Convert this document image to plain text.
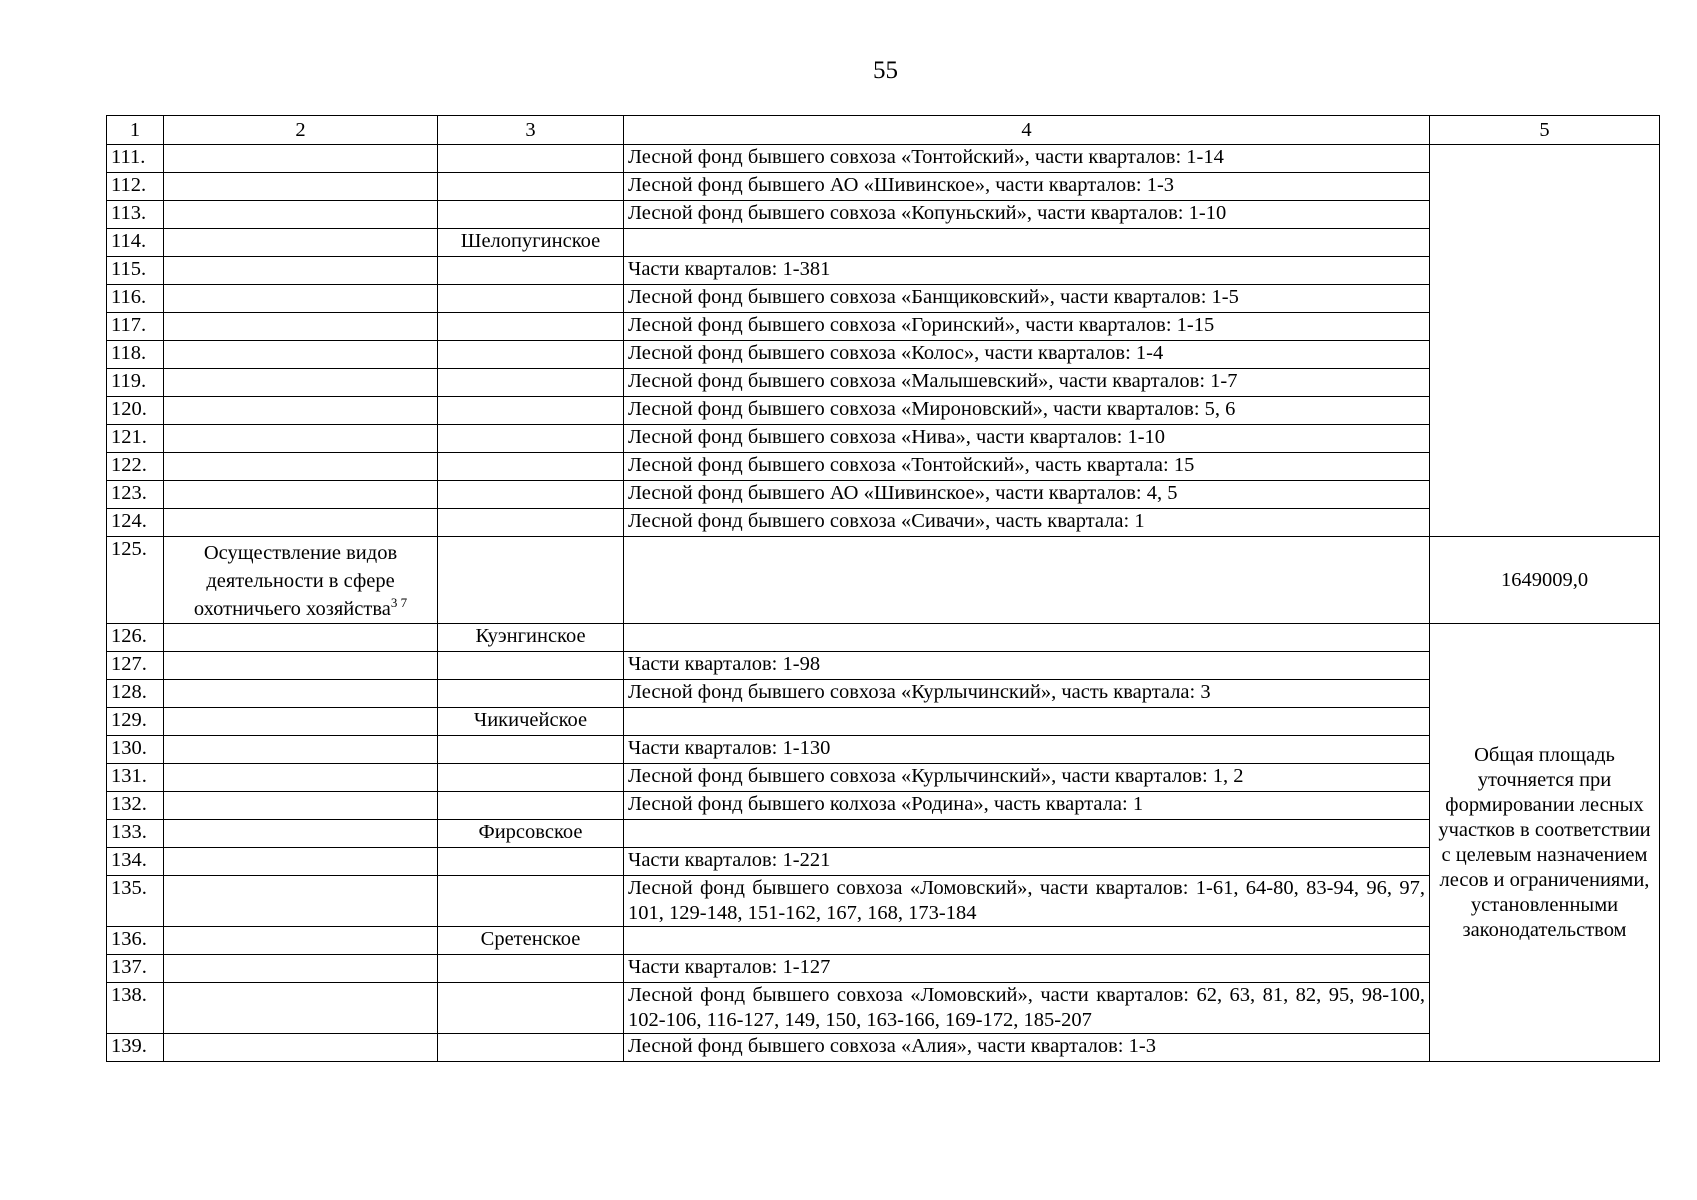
55
1	2	3	4	5
111.			Лесной фонд бывшего совхоза «Тонтойский», части кварталов: 1-14	
112.			Лесной фонд бывшего АО «Шивинское», части кварталов: 1-3	
113.			Лесной фонд бывшего совхоза «Копуньский», части кварталов: 1-10	
114.		Шелопугинское		
115.			Части кварталов: 1-381	
116.			Лесной фонд бывшего совхоза «Банщиковский», части кварталов: 1-5	
117.			Лесной фонд бывшего совхоза «Горинский», части кварталов: 1-15	
118.			Лесной фонд бывшего совхоза «Колос», части кварталов: 1-4	
119.			Лесной фонд бывшего совхоза «Малышевский», части кварталов: 1-7	
120.			Лесной фонд бывшего совхоза «Мироновский», части кварталов: 5, 6	
121.			Лесной фонд бывшего совхоза «Нива», части кварталов: 1-10	
122.			Лесной фонд бывшего совхоза «Тонтойский», часть квартала: 15	
123.			Лесной фонд бывшего АО «Шивинское», части кварталов: 4, 5	
124.			Лесной фонд бывшего совхоза «Сивачи», часть квартала: 1	
125.	Осуществление видов деятельности в сфере охотничьего хозяйства$^{3 7}$			1649009,0
126.		Куэнгинское		Общая площадь уточняется при формировании лесных участков в соответствии с целевым назначением лесов и ограничениями, установленными законодательством
127.			Части кварталов: 1-98	
128.			Лесной фонд бывшего совхоза «Курлычинский», часть квартала: 3	
129.		Чикичейское		
130.			Части кварталов: 1-130	
131.			Лесной фонд бывшего совхоза «Курлычинский», части кварталов: 1, 2	
132.			Лесной фонд бывшего колхоза «Родина», часть квартала: 1	
133.		Фирсовское		
134.			Части кварталов: 1-221	
135.			Лесной фонд бывшего совхоза «Ломовский», части кварталов: 1-61, 64-80, 83-94, 96, 97, 101, 129-148, 151-162, 167, 168, 173-184	
136.		Сретенское		
137.			Части кварталов: 1-127	
138.			Лесной фонд бывшего совхоза «Ломовский», части кварталов: 62, 63, 81, 82, 95, 98-100, 102-106, 116-127, 149, 150, 163-166, 169-172, 185-207	
139.			Лесной фонд бывшего совхоза «Алия», части кварталов: 1-3	
